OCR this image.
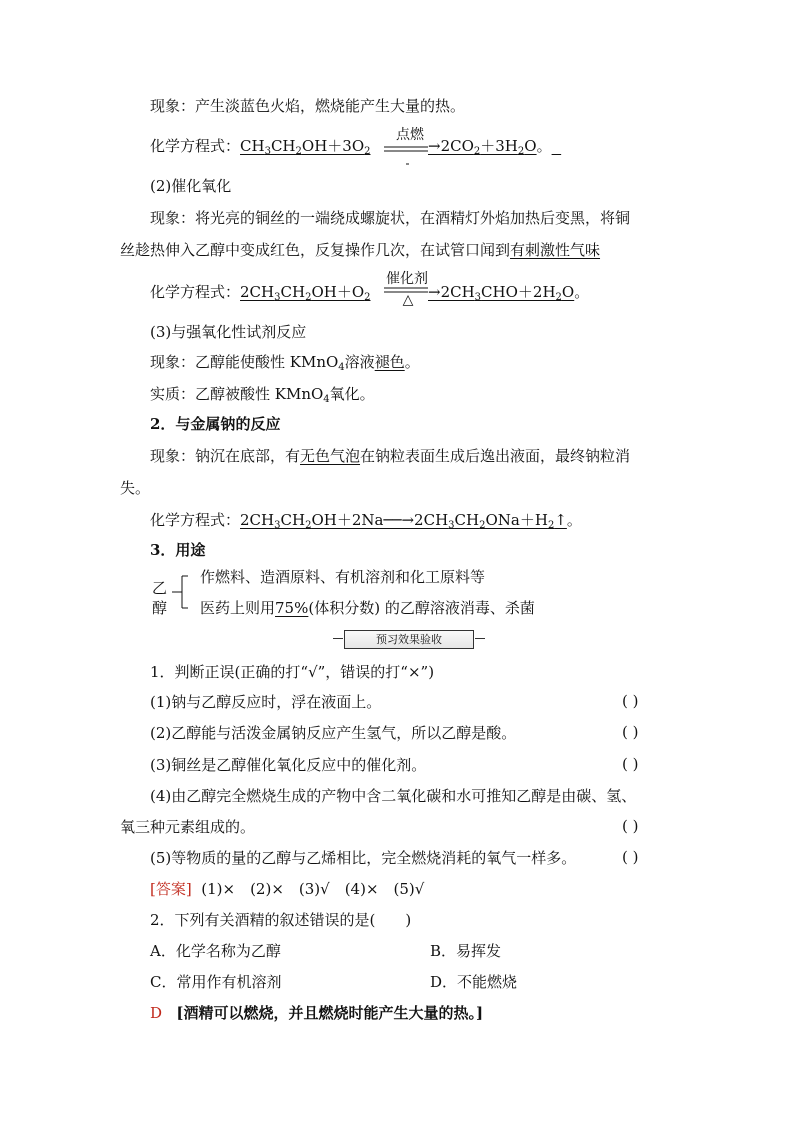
现象：产生淡蓝色火焰，燃烧能产生大量的热。
化学方程式：$CH_3CH_2OH+3O_2$
点燃
$\to 2CO_2+3H_2O$。
(2)催化氧化
现象：将光亮的铜丝的一端绕成螺旋状，在酒精灯外焰加热后变黑，将铜
丝趁热伸入乙醇中变成红色，反复操作几次，在试管口闻到有刺激性气味
化学方程式：$2CH_3CH_2OH+O_2$
催化剂
△ $\to 2CH_3CHO+2H_2O$。
(3)与强氧化性试剂反应
现象：乙醇能使酸性 KMnO$_4$溶液褪色。
实质：乙醇被酸性 KMnO$_4$氧化。
2．与金属钠的反应
现象：钠沉在底部，有无色气泡在钠粒表面生成后逸出液面，最终钠粒消
失。
化学方程式：$2CH_3CH_2OH+2Na──\to 2CH_3CH_2ONa+H_2↑$。
3．用途
乙
醇
作燃料、造酒原料、有机溶剂和化工原料等
医药上则用75%(体积分数) 的乙醇溶液消毒、杀菌
预习效果验收
1．判断正误(正确的打“√”，错误的打“×”)
(1)钠与乙醇反应时，浮在液面上。	( )
(2)乙醇能与活泼金属钠反应产生氢气，所以乙醇是酸。	( )
(3)铜丝是乙醇催化氧化反应中的催化剂。	( )
(4)由乙醇完全燃烧生成的产物中含二氧化碳和水可推知乙醇是由碳、氢、
氧三种元素组成的。	( )
(5)等物质的量的乙醇与乙烯相比，完全燃烧消耗的氧气一样多。	( )
[答案] (1)×　(2)×　(3)√　(4)×　(5)√
2．下列有关酒精的叙述错误的是(　　)
A．化学名称为乙醇	B．易挥发
C．常用作有机溶剂	D．不能燃烧
D [酒精可以燃烧，并且燃烧时能产生大量的热。]
